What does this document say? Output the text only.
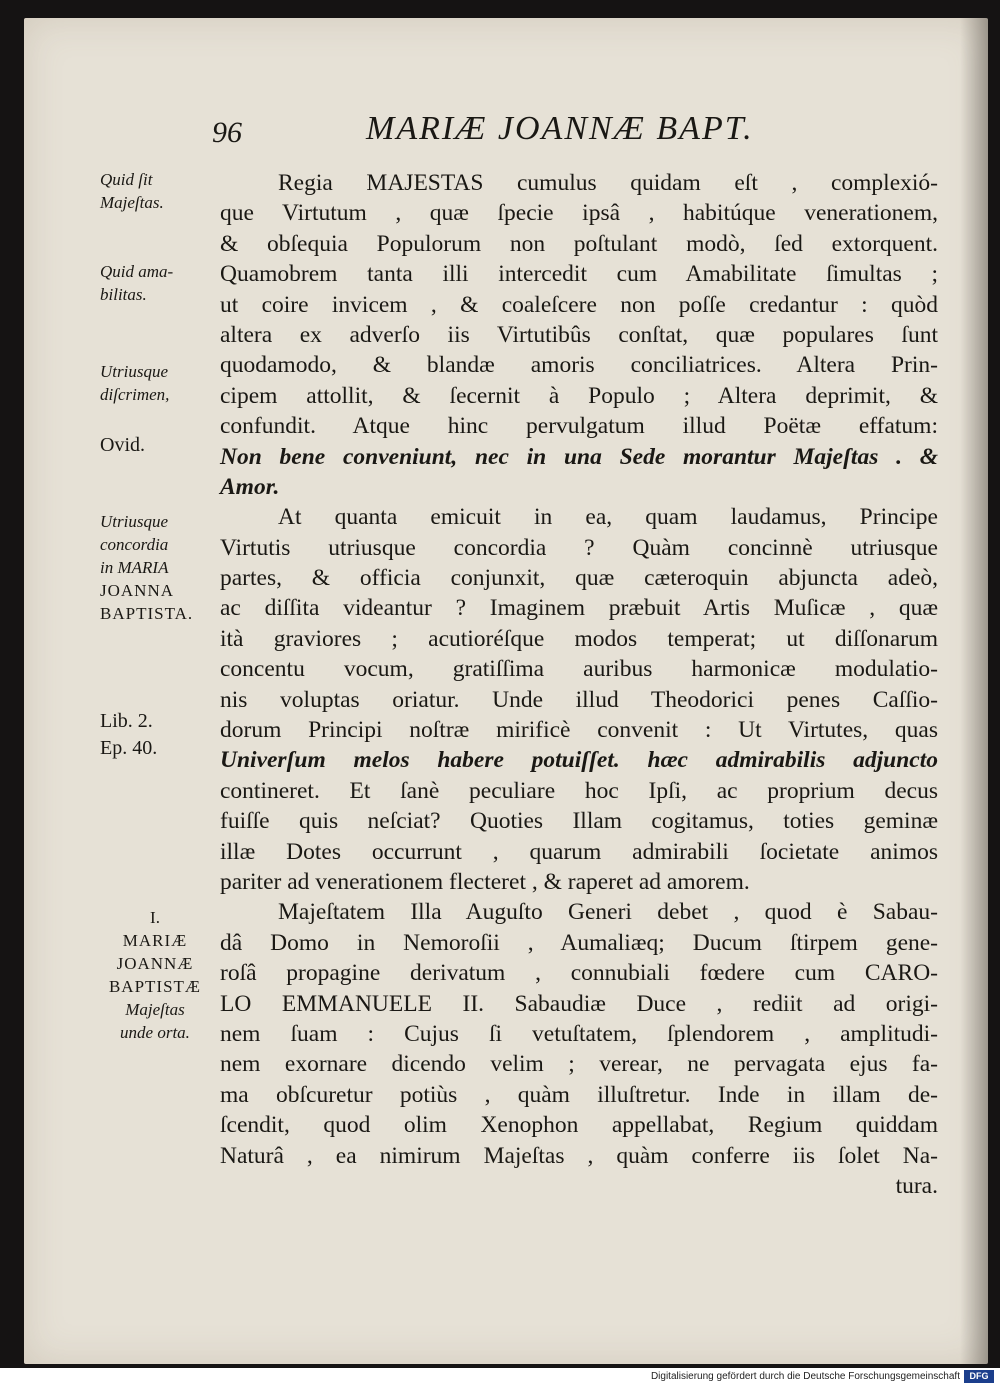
96	MARIÆ JOANNÆ BAPT.
Quid ſit
Majeſtas.
Quid ama-
bilitas.
Utriusque
diſcrimen,
Ovid.
Utriusque
concordia
in MARIA
JOANNA
BAPTISTA.
Lib. 2.
Ep. 40.
I.
MARIÆ
JOANNÆ
BAPTISTÆ
Majeſtas
unde orta.
Regia MAJESTAS cumulus quidam eſt , complexió-
que Virtutum , quæ ſpecie ipsâ , habitúque venerationem,
& obſequia Populorum non poſtulant modò, ſed extorquent.
Quamobrem tanta illi intercedit cum Amabilitate ſimultas ;
ut coire invicem , & coaleſcere non poſſe credantur : quòd
altera ex adverſo iis Virtutibûs conſtat, quæ populares ſunt
quodamodo, & blandæ amoris conciliatrices. Altera Prin-
cipem attollit, & ſecernit à Populo ; Altera deprimit, &
confundit. Atque hinc pervulgatum illud Poëtæ effatum:
Non bene conveniunt, nec in una Sede morantur Majeſtas . &
Amor.
At quanta emicuit in ea, quam laudamus, Principe
Virtutis utriusque concordia ? Quàm concinnè utriusque
partes, & officia conjunxit, quæ cæteroquin abjuncta adeò,
ac diſſita videantur ? Imaginem præbuit Artis Muſicæ , quæ
ità graviores ; acutioréſque modos temperat; ut diſſonarum
concentu vocum, gratiſſima auribus harmonicæ modulatio-
nis voluptas oriatur. Unde illud Theodorici penes Caſſio-
dorum Principi noſtræ mirificè convenit : Ut Virtutes, quas
Univerſum melos habere potuiſſet. hæc admirabilis adjuncto
contineret. Et ſanè peculiare hoc Ipſi, ac proprium decus
fuiſſe quis neſciat? Quoties Illam cogitamus, toties geminæ
illæ Dotes occurrunt , quarum admirabili ſocietate animos
pariter ad venerationem flecteret , & raperet ad amorem.
Majeſtatem Illa Auguſto Generi debet , quod è Sabau-
dâ Domo in Nemoroſii , Aumaliæq; Ducum ſtirpem gene-
roſâ propagine derivatum , connubiali fœdere cum CARO-
LO EMMANUELE II. Sabaudiæ Duce , rediit ad origi-
nem ſuam : Cujus ſi vetuſtatem, ſplendorem , amplitudi-
nem exornare dicendo velim ; verear, ne pervagata ejus fa-
ma obſcuretur potiùs , quàm illuſtretur. Inde in illam de-
ſcendit, quod olim Xenophon appellabat, Regium quiddam
Naturâ , ea nimirum Majeſtas , quàm conferre iis ſolet Na-
tura.
Digitalisierung gefördert durch die Deutsche Forschungsgemeinschaft	DFG
